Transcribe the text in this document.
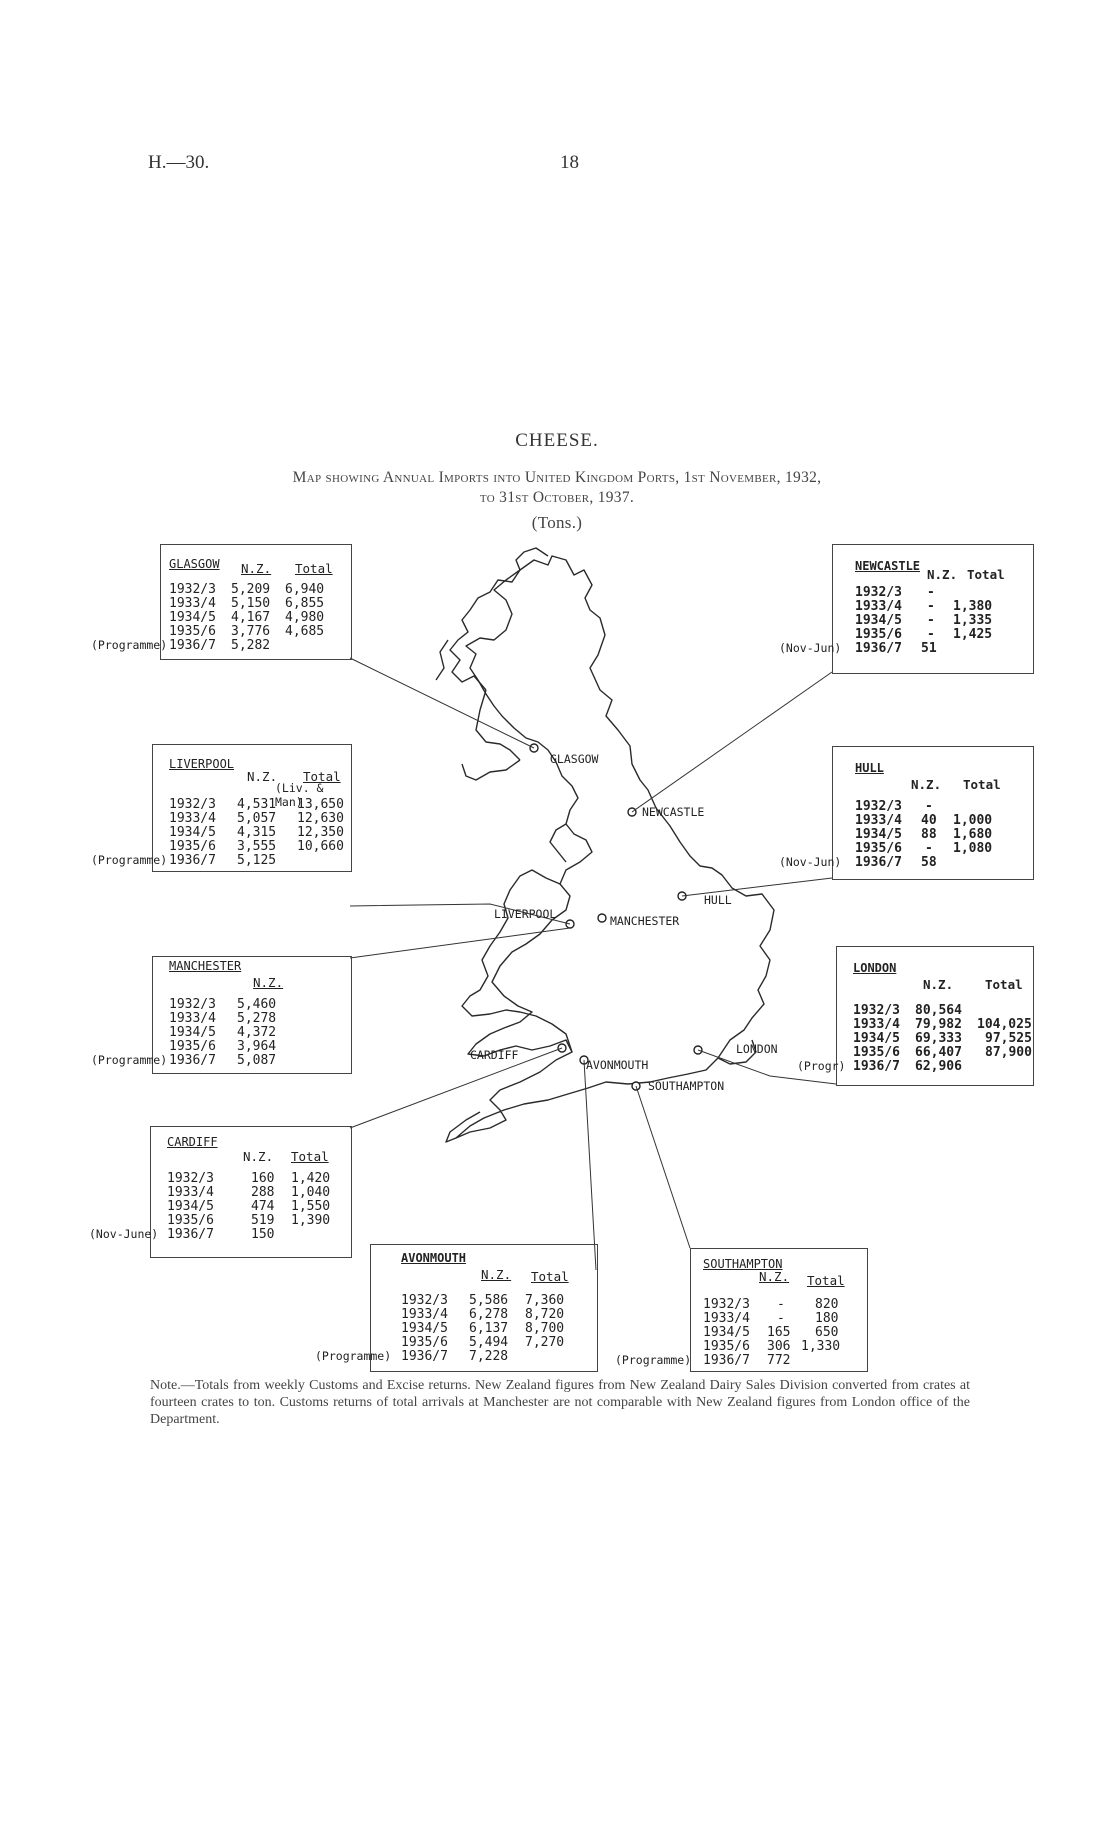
H.—30.	18
CHEESE.
Map showing Annual Imports into United Kingdom Ports, 1st November, 1932,
to 31st October, 1937.
(Tons.)
GLASGOW
NEWCASTLE
HULL
LIVERPOOL	MANCHESTER
CARDIFF
AVONMOUTH
LONDON
SOUTHAMPTON
GLASGOW N.Z. Total
1932/3 5,209 6,940
1933/4 5,150 6,855
1934/5 4,167 4,980
1935/6 3,776 4,685
(Programme) 1936/7 5,282
LIVERPOOL
N.Z. Total
(Liv. & Man)
1932/3 4,531 13,650
1933/4 5,057 12,630
1934/5 4,315 12,350
1935/6 3,555 10,660
(Programme) 1936/7 5,125
MANCHESTER
N.Z.
1932/3 5,460
1933/4 5,278
1934/5 4,372
1935/6 3,964
(Programme) 1936/7 5,087
CARDIFF
N.Z. Total
1932/3	160 1,420
1933/4	288 1,040
1934/5	474 1,550
1935/6	519 1,390
(Nov-June) 1936/7	150
NEWCASTLE
N.Z. Total
1932/3 -
1933/4 - 1,380
1934/5 - 1,335
1935/6 - 1,425
(Nov-Jun) 1936/7 51
HULL
N.Z. Total
1932/3 -
1933/4 40 1,000
1934/5 88 1,680
1935/6 - 1,080
(Nov-Jun) 1936/7 58
LONDON
N.Z.	Total
1932/3 80,564
1933/4 79,982 104,025
1934/5 69,333 97,525
1935/6 66,407 87,900
(Progr) 1936/7 62,906
AVONMOUTH
N.Z. Total
1932/3 5,586 7,360
1933/4 6,278 8,720
1934/5 6,137 8,700
1935/6 5,494 7,270
(Programme) 1936/7 7,228
SOUTHAMPTON
N.Z. Total
1932/3 - 820
1933/4 - 180
1934/5 165 650
1935/6 306 1,330
(Programme) 1936/7 772
Note.—Totals from weekly Customs and Excise returns. New Zealand figures from New Zealand Dairy Sales Division converted from crates at fourteen crates to ton. Customs returns of total arrivals at Manchester are not comparable with New Zealand figures from London office of the Department.
